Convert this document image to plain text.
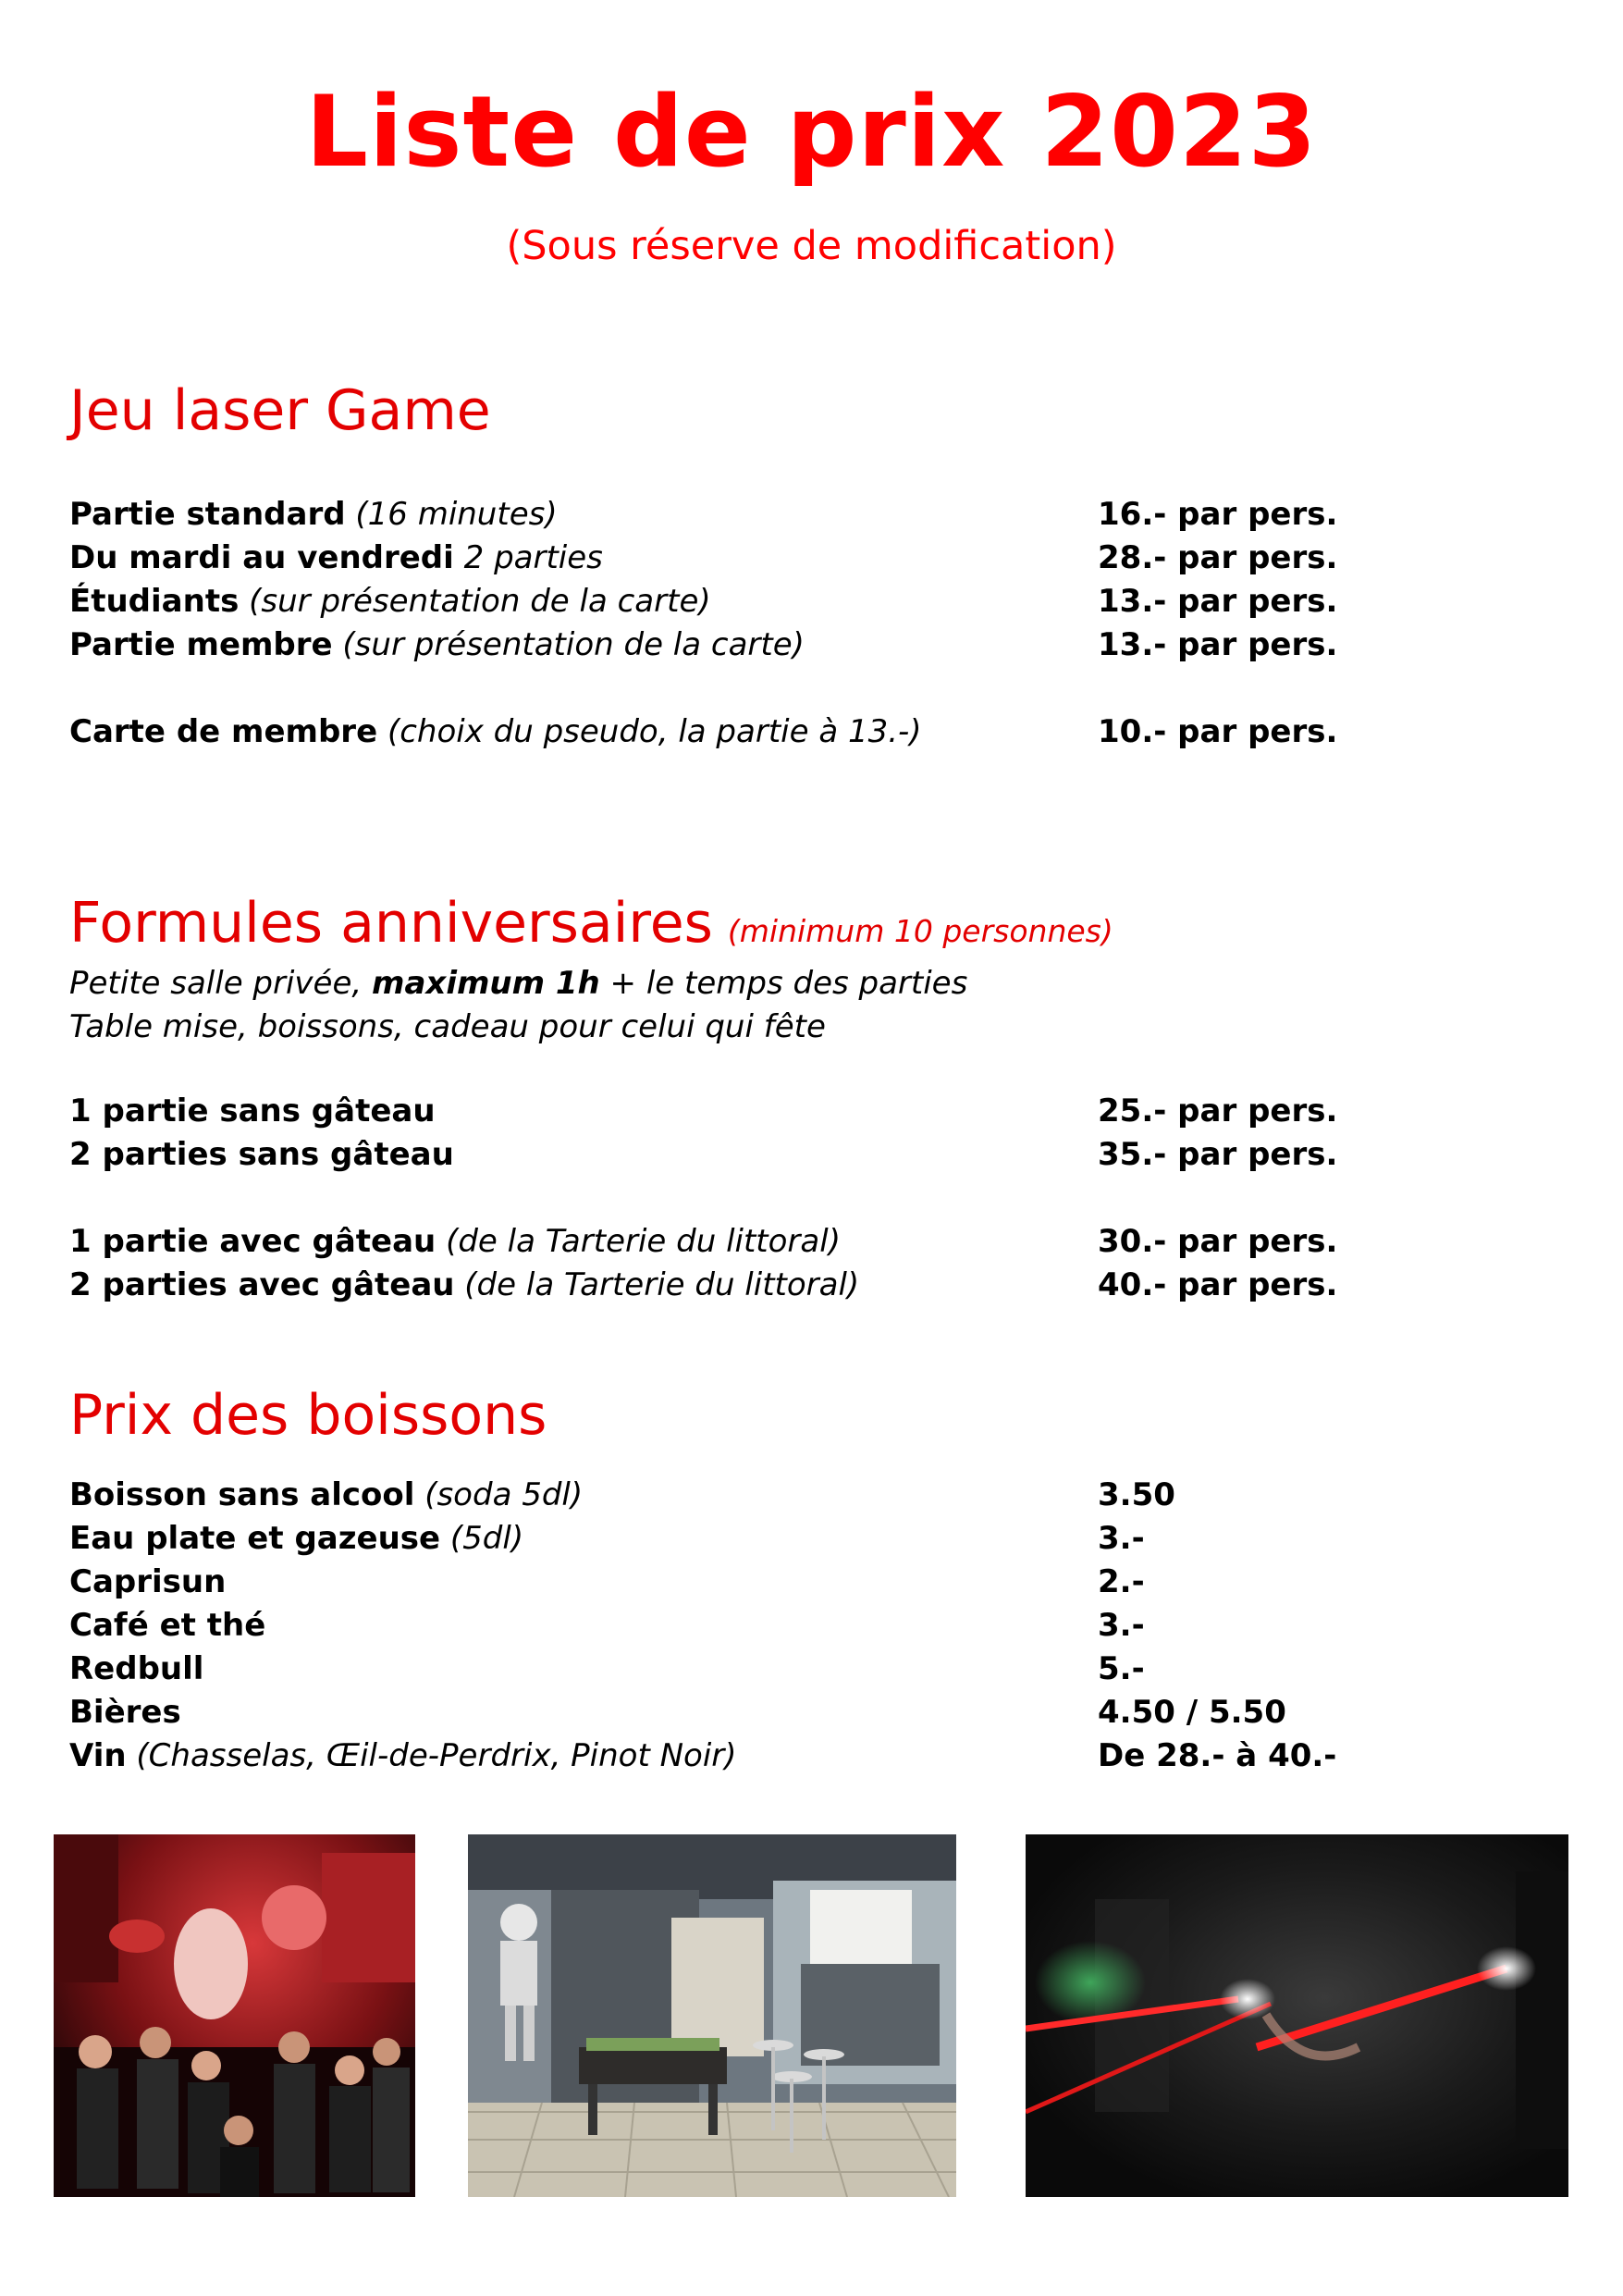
Liste de prix 2023
(Sous réserve de modification)
Jeu laser Game
Partie standard (16 minutes)	16.- par pers.
Du mardi au vendredi 2 parties	28.- par pers.
Étudiants (sur présentation de la carte)	13.- par pers.
Partie membre (sur présentation de la carte)	13.- par pers.
Carte de membre (choix du pseudo, la partie à 13.-)	10.- par pers.
Formules anniversaires (minimum 10 personnes)
Petite salle privée, maximum 1h + le temps des parties
Table mise, boissons, cadeau pour celui qui fête
1 partie sans gâteau	25.- par pers.
2 parties sans gâteau	35.- par pers.
1 partie avec gâteau (de la Tarterie du littoral)	30.- par pers.
2 parties avec gâteau (de la Tarterie du littoral)	40.- par pers.
Prix des boissons
Boisson sans alcool (soda 5dl)	3.50
Eau plate et gazeuse (5dl)	3.-
Caprisun	2.-
Café et thé	3.-
Redbull	5.-
Bières	4.50 / 5.50
Vin (Chasselas, Œil-de-Perdrix, Pinot Noir)	De 28.- à 40.-
